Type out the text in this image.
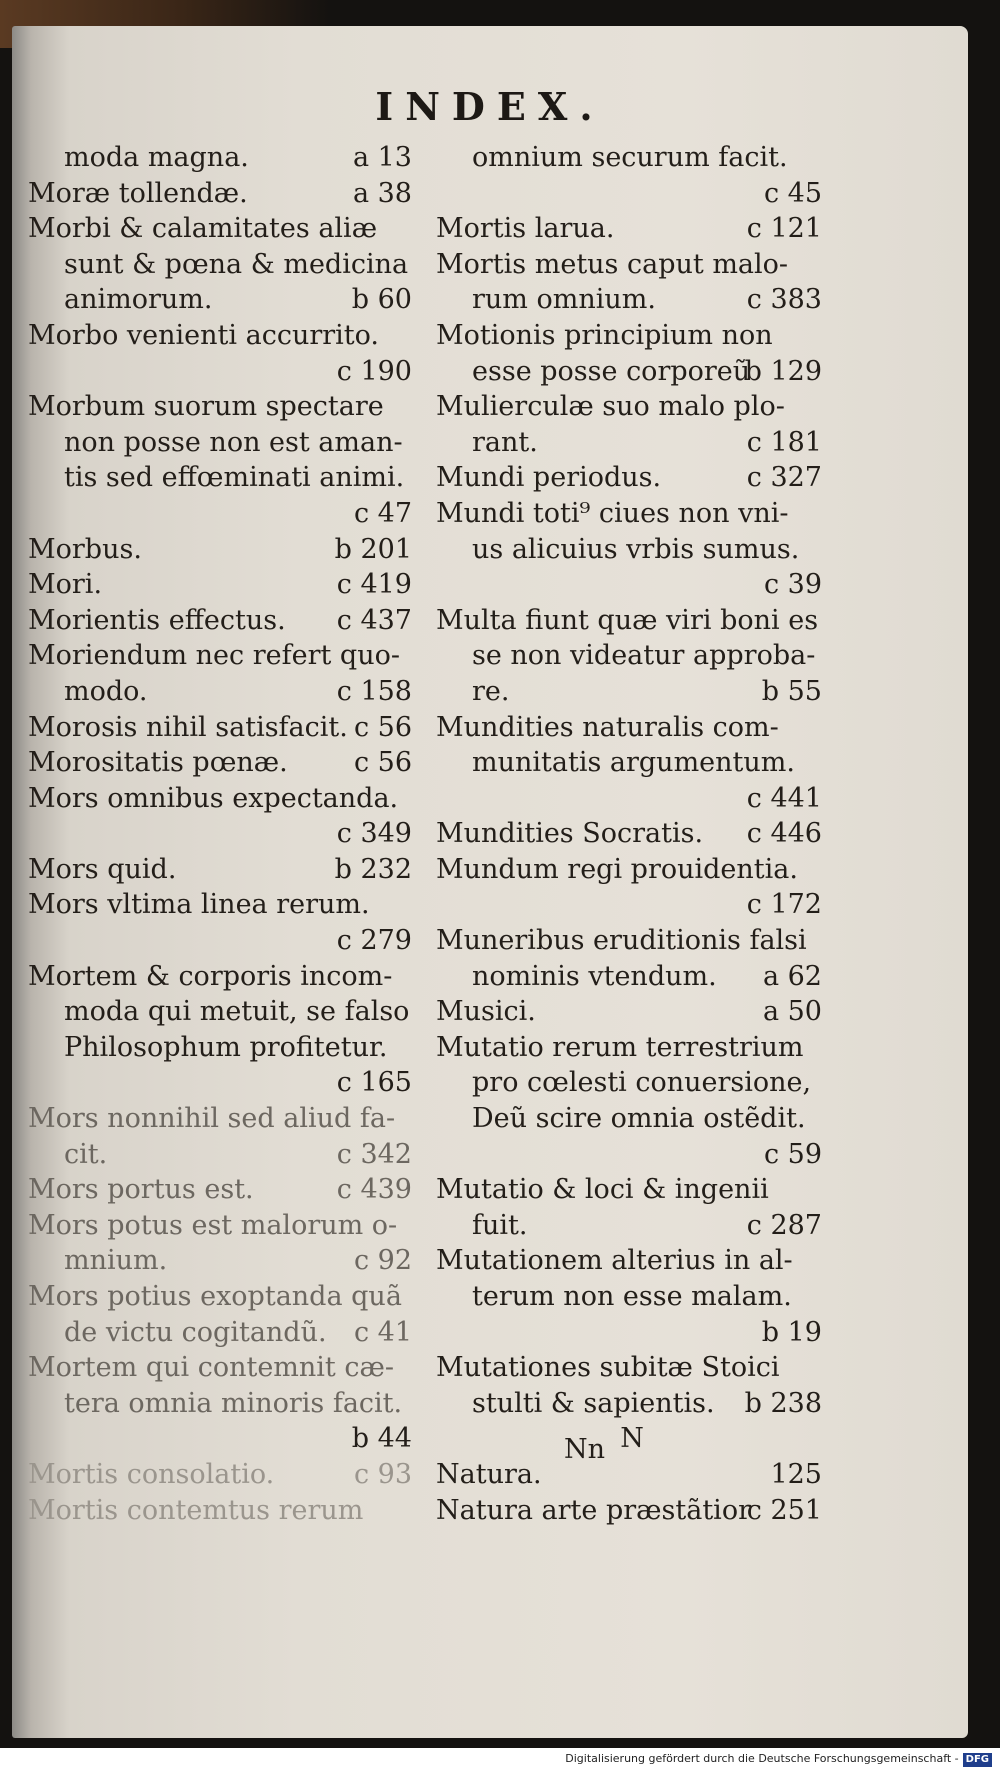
INDEX.
moda magna.	a 13
Moræ tollendæ.	a 38
Morbi & calamitates aliæ
sunt & pœna & medicina
animorum.	b 60
Morbo venienti accurrito.
c 190
Morbum suorum spectare
non posse non est aman-
tis sed effœminati animi.
c 47
Morbus.	b 201
Mori.	c 419
Morientis effectus. c 437
Moriendum nec refert quo-
modo.	c 158
Morosis nihil satisfacit. c 56
Morositatis pœnæ. c 56
Mors omnibus expectanda.
c 349
Mors quid.	b 232
Mors vltima linea rerum.
c 279
Mortem & corporis incom-
moda qui metuit, se falso
Philosophum profitetur.
c 165
Mors nonnihil sed aliud fa-
cit.	c 342
Mors portus est.	c 439
Mors potus est malorum o-
mnium.	c 92
Mors potius exoptanda quã
de victu cogitandũ. c 41
Mortem qui contemnit cæ-
tera omnia minoris facit.
b 44
Mortis consolatio.	c 93
Mortis contemtus rerum
omnium securum facit.
c 45
Mortis larua.	c 121
Mortis metus caput malo-
rum omnium.	c 383
Motionis principium non
esse posse corporeũ
b 129
Mulierculæ suo malo plo-
rant.	c 181
Mundi periodus.	c 327
Mundi toti⁹ ciues non vni-
us alicuius vrbis sumus.
c 39
Multa fiunt quæ viri boni es
se non videatur approba-
re.	b 55
Mundities naturalis com-
munitatis argumentum.
c 441
Mundities Socratis. c 446
Mundum regi prouidentia.
c 172
Muneribus eruditionis falsi
nominis vtendum. a 62
Musici.	a 50
Mutatio rerum terrestrium
pro cœlesti conuersione,
Deũ scire omnia ostẽdit.
c 59
Mutatio & loci & ingenii
fuit.	c 287
Mutationem alterius in al-
terum non esse malam.
b 19
Mutationes subitæ Stoici
stulti & sapientis. b 238
N
Natura.	125
Natura arte præstãtior
c 251
Nn
Digitalisierung gefördert durch die Deutsche Forschungsgemeinschaft - DFG
